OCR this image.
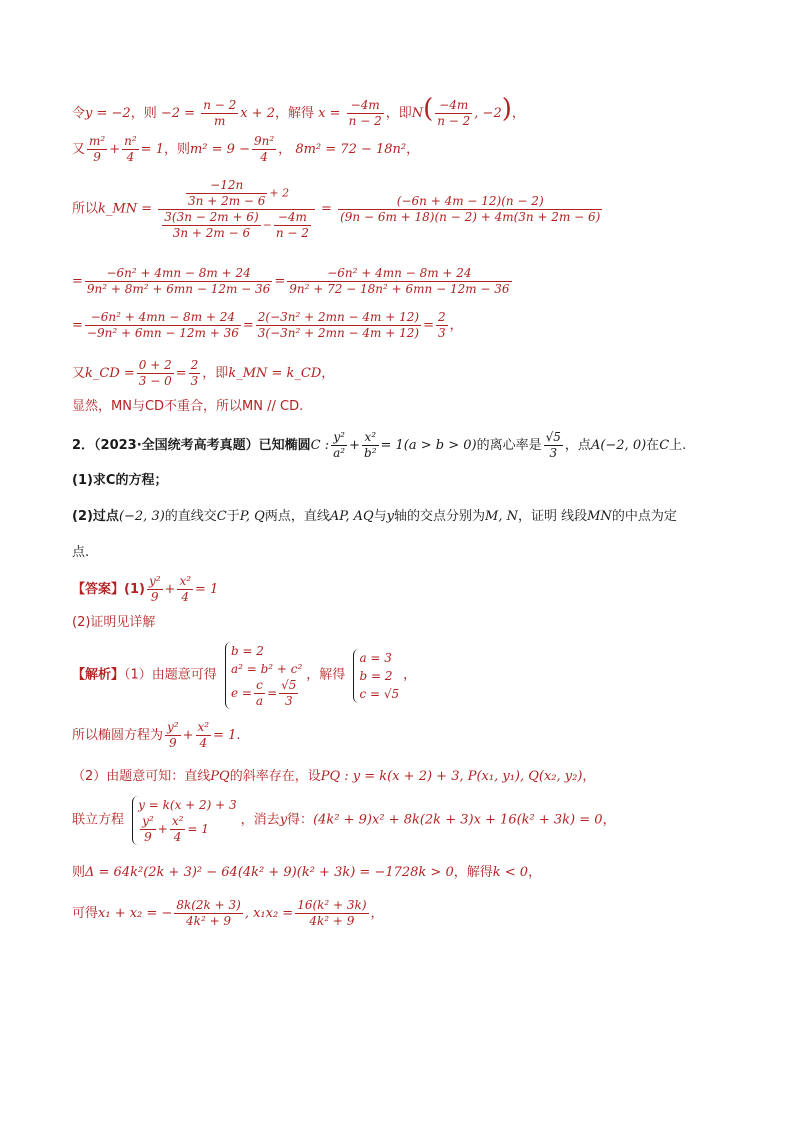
令y = −2，则 $-2 = \frac{n - 2}{m}$ x + 2，解得 $x = \frac{-4m}{n - 2}$ ，即$N( \frac{-4m}{n - 2}$ , −2)，
又 $\frac{\text{m²}}{9} + \frac{\text{n²}}{4} = 1$，则$m^2 = 9 - \frac{\text{9n²}}{4}$ ， 8m² = 72 − 18n²，
所以k_MN = $\frac{\frac{-12n}{3n + 2m - 6} + 2}{\frac{3(3n - 2m + 6)}{3n + 2m - 6} - \frac{-4m}{n - 2}} = \frac{(-6n + 4m - 12)(n - 2)}{(9n - 6m + 18)(n - 2) + 4m(3n + 2m - 6)}$
= $\frac{\text{−6n² + 4mn − 8m + 24}}{\text{9n² + 8m² + 6mn − 12m − 36}} = \frac{\text{−6n² + 4mn − 8m + 24}}{\text{9n² + 72 − 18n² + 6mn − 12m − 36}}$
= $\frac{\text{−6n² + 4mn − 8m + 24}}{\text{−9n² + 6mn − 12m + 36}} = \frac{\text{2(−3n² + 2mn − 4m + 12)}}{\text{3(−3n² + 2mn − 4m + 12)}} = \frac{2}{3}$ ，
又k_CD = $\frac{0 + 2}{3 - 0} = \frac{2}{3}$ ，即k_MN = k_CD，
显然，MN与CD不重合，所以MN // CD.
2．（2023·全国统考高考真题）已知椭圆C : $\frac{\text{y²}}{\text{a²}} + \frac{\text{x²}}{\text{b²}} = 1(a > b > 0)$的离心率是 $\frac{√5}{3}$ ，点A(−2, 0)在C上.
(1)求C的方程；
(2)过点(−2, 3)的直线交C于P, Q两点，直线AP, AQ与y轴的交点分别为M, N，证明 线段MN的中点为定
点.
【答案】$(1) \frac{\text{y²}}{9} + \frac{\text{x²}}{4} = 1$
(2)证明见详解
【解析】（1）由题意可得
b = 2
a² = b² + c²
$e = \frac{c}{a} = \frac{√5}{3}$
，解得
a = 3
b = 2
c = √5
，
所以椭圆方程为 $\frac{\text{y²}}{9} + \frac{\text{x²}}{4} = 1$.
（2）由题意可知：直线PQ的斜率存在，设PQ : y = k(x + 2) + 3, P(x₁, y₁), Q(x₂, y₂)，
联立方程
y = k(x + 2) + 3
$\frac{\text{y²}}{9} + \frac{\text{x²}}{4} = 1$
，消去y得：(4k² + 9)x² + 8k(2k + 3)x + 16(k² + 3k) = 0，
则Δ = 64k²(2k + 3)² − 64(4k² + 9)(k² + 3k) = −1728k > 0，解得k < 0，
可得x₁ + x₂ = − $\frac{8k(2k + 3)}{\text{4k² + 9}}$ , $x_1x_2 = \frac{\text{16(k² + 3k)}}{\text{4k² + 9}}$ ，
